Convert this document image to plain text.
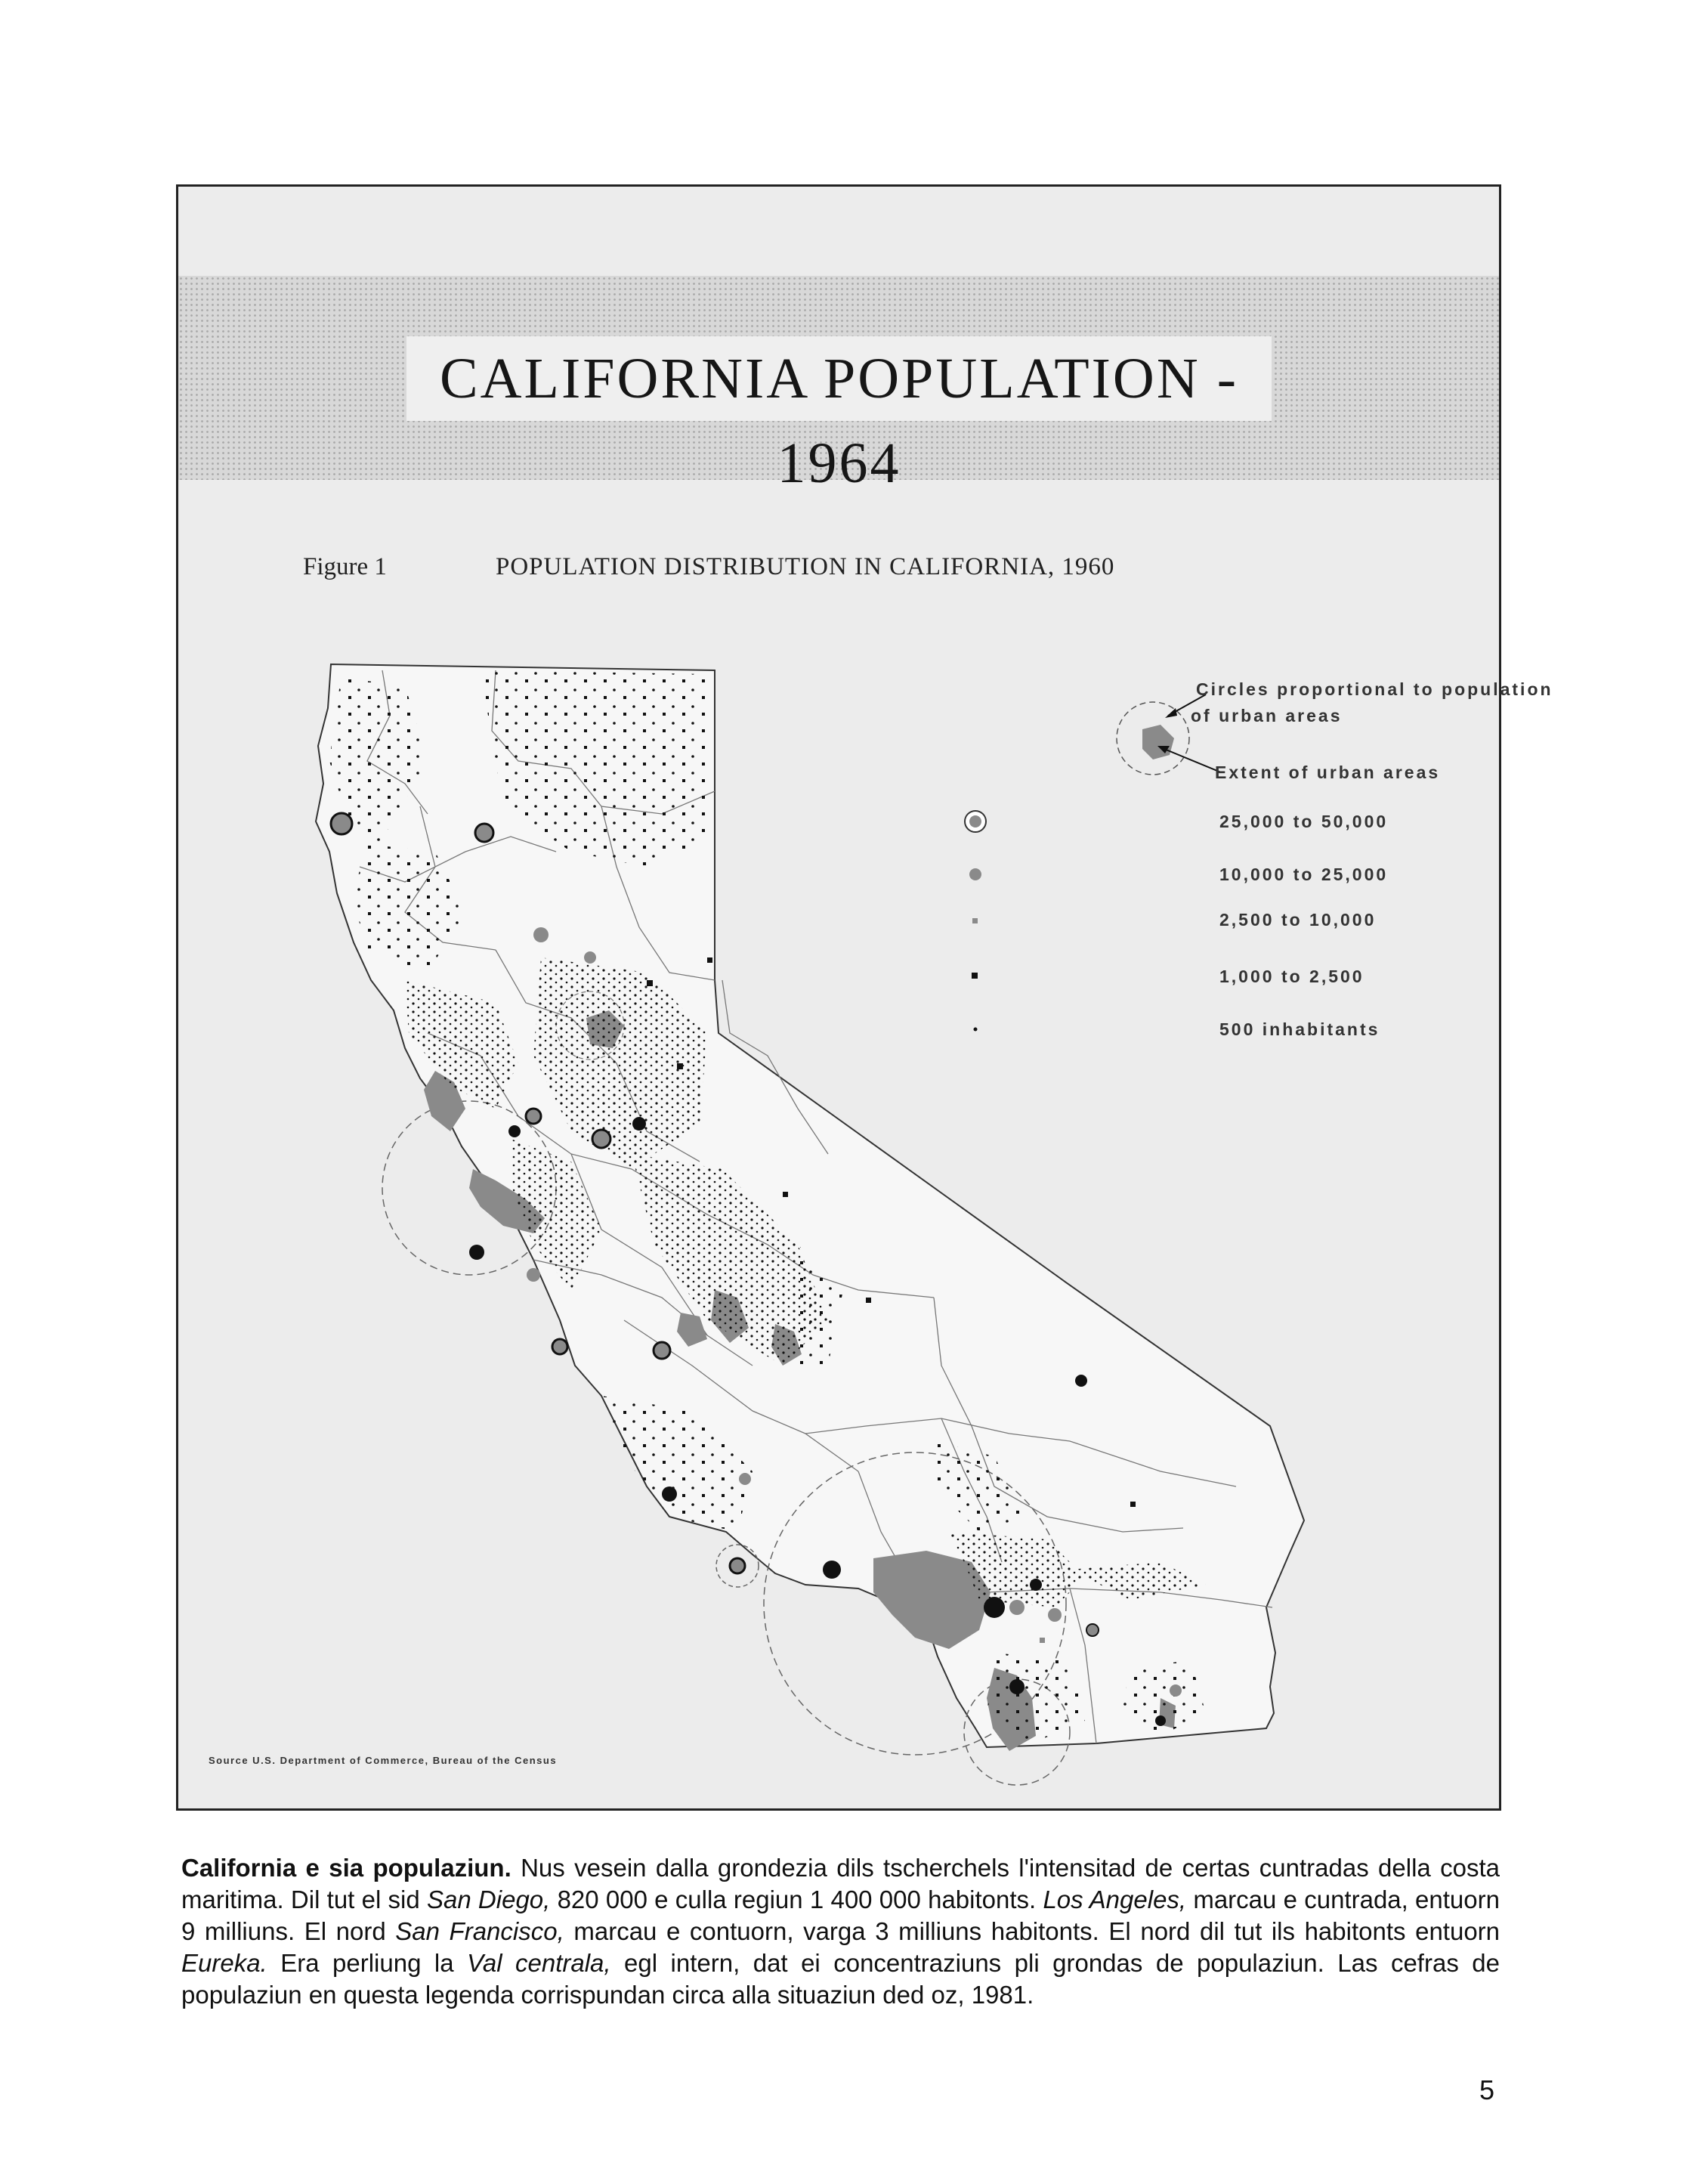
CALIFORNIA POPULATION - 1964
Figure 1	POPULATION DISTRIBUTION IN CALIFORNIA, 1960
Circles proportional to population
of urban areas
Extent of urban areas
25,000 to 50,000
10,000 to 25,000
2,500 to 10,000
1,000 to 2,500
500 inhabitants
Source U.S. Department of Commerce, Bureau of the Census

California e sia populaziun. Nus vesein dalla grondezia dils tscherchels l'intensitad de certas cuntradas della costa maritima. Dil tut el sid San Diego, 820 000 e culla regiun 1 400 000 habitonts. Los Angeles, marcau e cuntrada, entuorn 9 milliuns. El nord San Francisco, marcau e contuorn, varga 3 milliuns habitonts. El nord dil tut ils habitonts entuorn Eureka. Era perliung la Val centrala, egl intern, dat ei concentraziuns pli grondas de populaziun. Las cefras de populaziun en questa legenda corrispundan circa alla situaziun ded oz, 1981.

5
